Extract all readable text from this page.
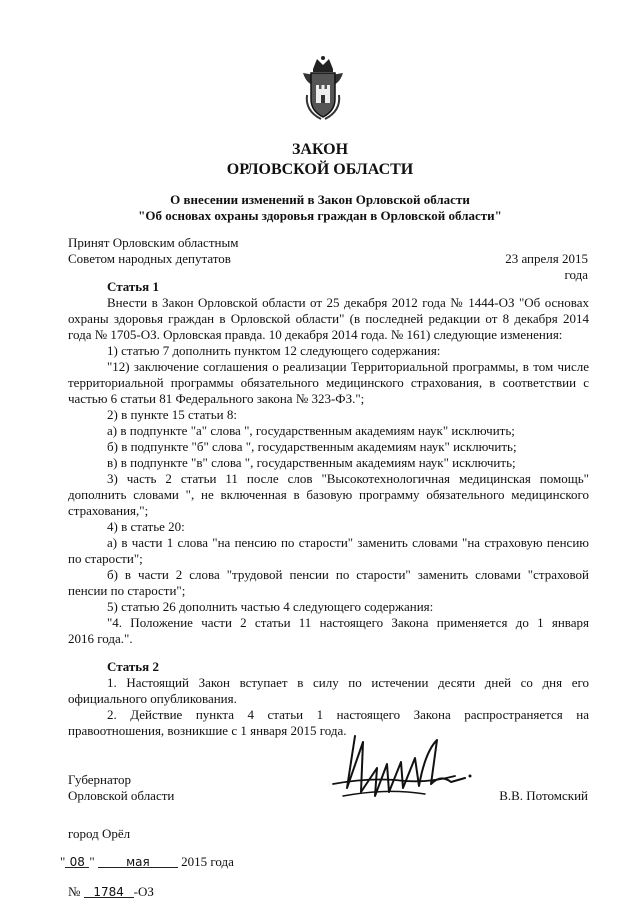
ЗАКОН
ОРЛОВСКОЙ ОБЛАСТИ
О внесении изменений в Закон Орловской области
"Об основах охраны здоровья граждан в Орловской области"
Принят Орловским областным
Советом народных депутатов	23 апреля 2015 года
Статья 1
Внести в Закон Орловской области от 25 декабря 2012 года № 1444-ОЗ "Об основах
охраны здоровья граждан в Орловской области" (в последней редакции от 8 декабря 2014
года № 1705-ОЗ. Орловская правда. 10 декабря 2014 года. № 161) следующие изменения:
1) статью 7 дополнить пунктом 12 следующего содержания:
"12) заключение соглашения о реализации Территориальной программы, в том числе
территориальной программы обязательного медицинского страхования, в соответствии с
частью 6 статьи 81 Федерального закона № 323-ФЗ.";
2) в пункте 15 статьи 8:
а) в подпункте "а" слова ", государственным академиям наук" исключить;
б) в подпункте "б" слова ", государственным академиям наук" исключить;
в) в подпункте "в" слова ", государственным академиям наук" исключить;
3) часть 2 статьи 11 после слов "Высокотехнологичная медицинская помощь"
дополнить словами ", не включенная в базовую программу обязательного медицинского
страхования,";
4) в статье 20:
а) в части 1 слова "на пенсию по старости" заменить словами "на страховую пенсию
по старости";
б) в части 2 слова "трудовой пенсии по старости" заменить словами "страховой
пенсии по старости";
5) статью 26 дополнить частью 4 следующего содержания:
"4. Положение части 2 статьи 11 настоящего Закона применяется до 1 января
2016 года.".
Статья 2
1. Настоящий Закон вступает в силу по истечении десяти дней со дня его
официального опубликования.
2. Действие пункта 4 статьи 1 настоящего Закона распространяется на
правоотношения, возникшие с 1 января 2015 года.
Губернатор
Орловской области	В.В. Потомский
город Орёл
" 08 "	мая 2015 года
№ 1784 -ОЗ
